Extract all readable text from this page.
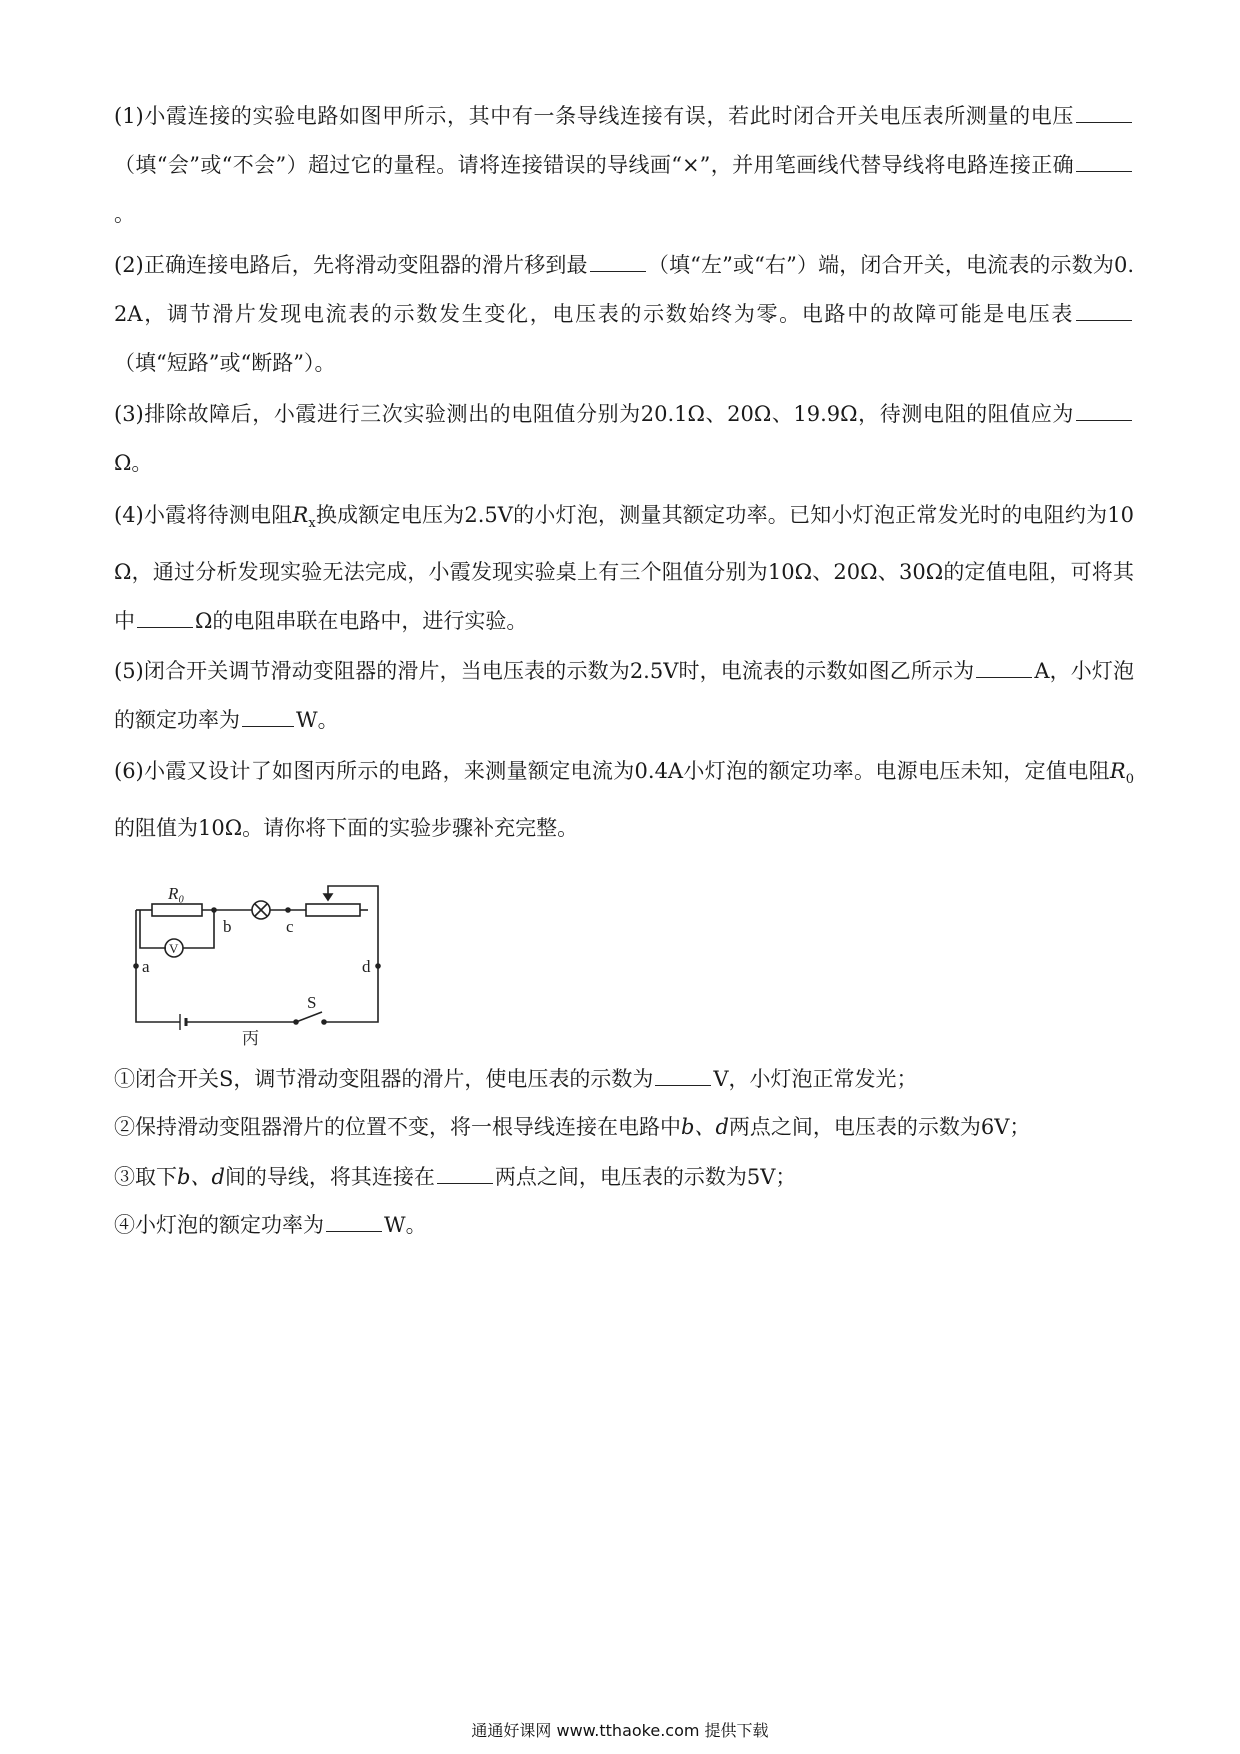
(1)小霞连接的实验电路如图甲所示，其中有一条导线连接有误，若此时闭合开关电压表所测量的电压（填“会”或“不会”）超过它的量程。请将连接错误的导线画“×”，并用笔画线代替导线将电路连接正确。
(2)正确连接电路后，先将滑动变阻器的滑片移到最	（填“左”或“右”）端，闭合开关，电流表的示数为0.2A，调节滑片发现电流表的示数发生变化，电压表的示数始终为零。电路中的故障可能是电压表（填“短路”或“断路”）。
(3)排除故障后，小霞进行三次实验测出的电阻值分别为20.1Ω、20Ω、19.9Ω，待测电阻的阻值应为Ω。
(4)小霞将待测电阻$R_x$换成额定电压为2.5V的小灯泡，测量其额定功率。已知小灯泡正常发光时的电阻约为10Ω，通过分析发现实验无法完成，小霞发现实验桌上有三个阻值分别为10Ω、20Ω、30Ω的定值电阻，可将其中	Ω的电阻串联在电路中，进行实验。
(5)闭合开关调节滑动变阻器的滑片，当电压表的示数为2.5V时，电流表的示数如图乙所示为	A，小灯泡的额定功率为	W。
(6)小霞又设计了如图丙所示的电路，来测量额定电流为0.4A小灯泡的额定功率。电源电压未知，定值电阻$R_0$的阻值为10Ω。请你将下面的实验步骤补充完整。
R₀
V
a
b	c
d
S
丙
①闭合开关S，调节滑动变阻器的滑片，使电压表的示数为	V，小灯泡正常发光；
②保持滑动变阻器滑片的位置不变，将一根导线连接在电路中b、d两点之间，电压表的示数为6V；
③取下b、d间的导线，将其连接在	两点之间，电压表的示数为5V；
④小灯泡的额定功率为	W。
通通好课网 www.tthaoke.com 提供下载
